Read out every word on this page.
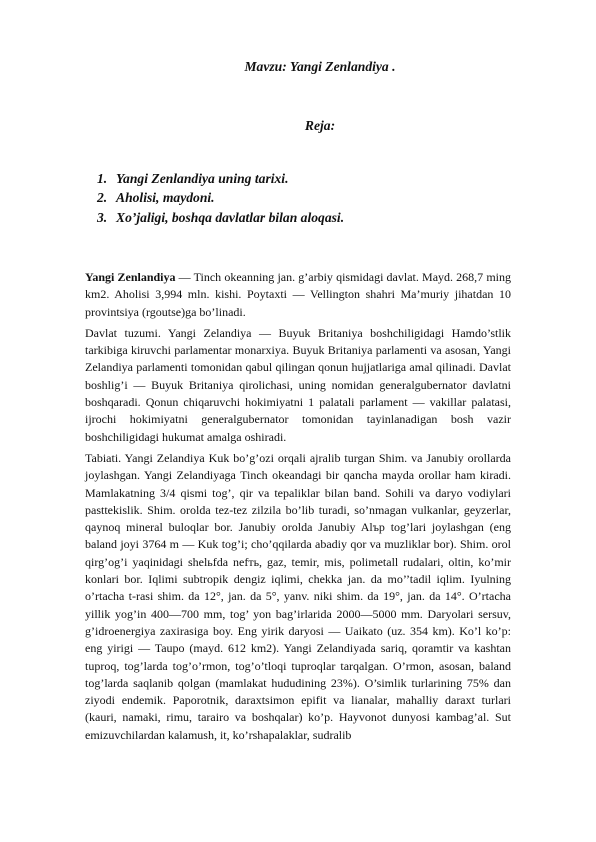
Mavzu: Yangi Zenlandiya .
Reja:
1. Yangi Zenlandiya uning tarixi.
2. Aholisi, maydoni.
3. Xo’jaligi, boshqa davlatlar bilan aloqasi.

Yangi Zenlandiya — Tinch okeanning jan. g’arbiy qismidagi davlat. Mayd. 268,7 ming km2. Aholisi 3,994 mln. kishi. Poytaxti — Vellington shahri Ma’muriy jihatdan 10 provintsiya (rgoutse)ga bo’linadi.

Davlat tuzumi. Yangi Zelandiya — Buyuk Britaniya boshchiligidagi Hamdo’stlik tarkibiga kiruvchi parlamentar monarxiya. Buyuk Britaniya parlamenti va asosan, Yangi Zelandiya parlamenti tomonidan qabul qilingan qonun hujjatlariga amal qilinadi. Davlat boshlig’i — Buyuk Britaniya qirolichasi, uning nomidan generalgubernator davlatni boshqaradi. Qonun chiqaruvchi hokimiyatni 1 palatali parlament — vakillar palatasi, ijrochi hokimiyatni generalgubernator tomonidan tayinlanadigan bosh vazir boshchiligidagi hukumat amalga oshiradi.

Tabiati. Yangi Zelandiya Kuk bo’g’ozi orqali ajralib turgan Shim. va Janubiy orollarda joylashgan. Yangi Zelandiyaga Tinch okeandagi bir qancha mayda orollar ham kiradi. Mamlakatning 3/4 qismi tog’, qir va tepaliklar bilan band. Sohili va daryo vodiylari pasttekislik. Shim. orolda tez-tez zilzila bo’lib turadi, so’nmagan vulkanlar, geyzerlar, qaynoq mineral buloqlar bor. Janubiy orolda Janubiy Alър tog’lari joylashgan (eng baland joyi 3764 m — Kuk tog’i; cho’qqilarda abadiy qor va muzliklar bor). Shim. orol qirg’og’i yaqinidagi shelьfda nefть, gaz, temir, mis, polimetall rudalari, oltin, ko’mir konlari bor. Iqlimi subtropik dengiz iqlimi, chekka jan. da mo’’tadil iqlim. Iyulning o’rtacha t-rasi shim. da 12°, jan. da 5°, yanv. niki shim. da 19°, jan. da 14°. O’rtacha yillik yog’in 400—700 mm, tog’ yon bag’irlarida 2000—5000 mm. Daryolari sersuv, g’idroenergiya zaxirasiga boy. Eng yirik daryosi — Uaikato (uz. 354 km). Ko’l ko’p: eng yirigi — Taupo (mayd. 612 km2). Yangi Zelandiyada sariq, qoramtir va kashtan tuproq, tog’larda tog’o’rmon, tog’o’tloqi tuproqlar tarqalgan. O’rmon, asosan, baland tog’larda saqlanib qolgan (mamlakat hududining 23%). O’simlik turlarining 75% dan ziyodi endemik. Paporotnik, daraxtsimon epifit va lianalar, mahalliy daraxt turlari (kauri, namaki, rimu, tarairo va boshqalar) ko’p. Hayvonot dunyosi kambag’al. Sut emizuvchilardan kalamush, it, ko’rshapalaklar, sudralib
